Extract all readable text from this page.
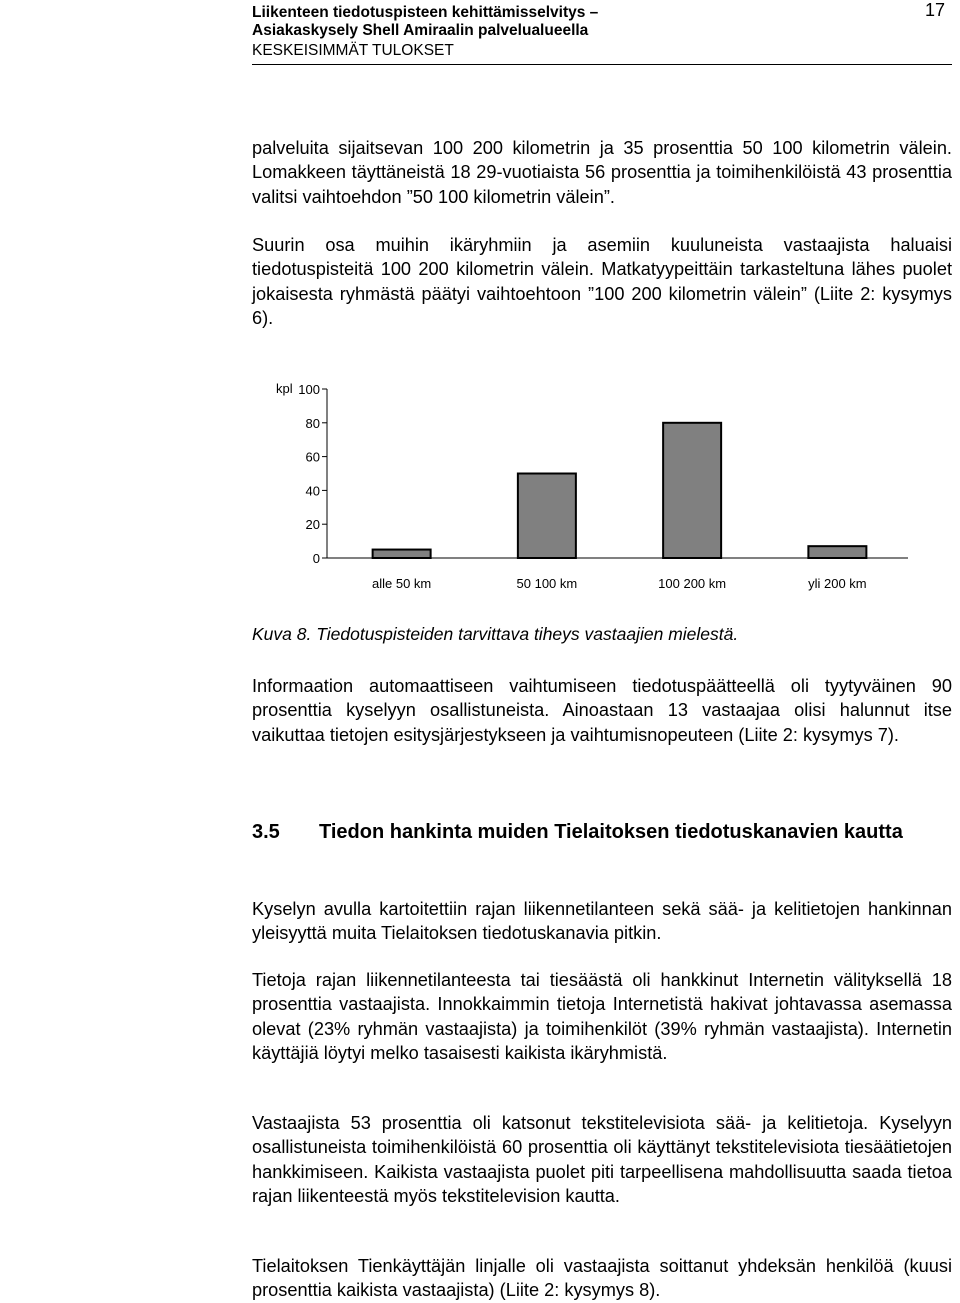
kpl
0
20
40
60
80
100
alle 50 km	50 100 km	100 200 km	yli 200 km
Liikenteen tiedotuspisteen kehittämisselvitys –
Asiakaskysely Shell Amiraalin palvelualueella
KESKEISIMMÄT TULOKSET
17

palveluita sijaitsevan 100 200 kilometrin ja 35 prosenttia 50 100 kilometrin välein. Lomakkeen täyttäneistä 18 29-vuotiaista 56 prosenttia ja toimihenkilöistä 43 prosenttia valitsi vaihtoehdon ”50 100 kilometrin välein”.

Suurin osa muihin ikäryhmiin ja asemiin kuuluneista vastaajista haluaisi tiedotuspisteitä 100 200 kilometrin välein. Matkatyypeittäin tarkasteltuna lähes puolet jokaisesta ryhmästä päätyi vaihtoehtoon ”100 200 kilometrin välein” (Liite 2: kysymys 6).

Kuva 8. Tiedotuspisteiden tarvittava tiheys vastaajien mielestä.

Informaation automaattiseen vaihtumiseen tiedotuspäätteellä oli tyytyväinen 90 prosenttia kyselyyn osallistuneista. Ainoastaan 13 vastaajaa olisi halunnut itse vaikuttaa tietojen esitysjärjestykseen ja vaihtumisnopeuteen (Liite 2: kysymys 7).

3.5 Tiedon hankinta muiden Tielaitoksen tiedotuskanavien kautta

Kyselyn avulla kartoitettiin rajan liikennetilanteen sekä sää- ja kelitietojen hankinnan yleisyyttä muita Tielaitoksen tiedotuskanavia pitkin.

Tietoja rajan liikennetilanteesta tai tiesäästä oli hankkinut Internetin välityksellä 18 prosenttia vastaajista. Innokkaimmin tietoja Internetistä hakivat johtavassa asemassa olevat (23% ryhmän vastaajista) ja toimihenkilöt (39% ryhmän vastaajista). Internetin käyttäjiä löytyi melko tasaisesti kaikista ikäryhmistä.

Vastaajista 53 prosenttia oli katsonut tekstitelevisiota sää- ja kelitietoja. Kyselyyn osallistuneista toimihenkilöistä 60 prosenttia oli käyttänyt tekstitelevisiota tiesäätietojen hankkimiseen. Kaikista vastaajista puolet piti tarpeellisena mahdollisuutta saada tietoa rajan liikenteestä myös tekstitelevision kautta.

Tielaitoksen Tienkäyttäjän linjalle oli vastaajista soittanut yhdeksän henkilöä (kuusi prosenttia kaikista vastaajista) (Liite 2: kysymys 8).
